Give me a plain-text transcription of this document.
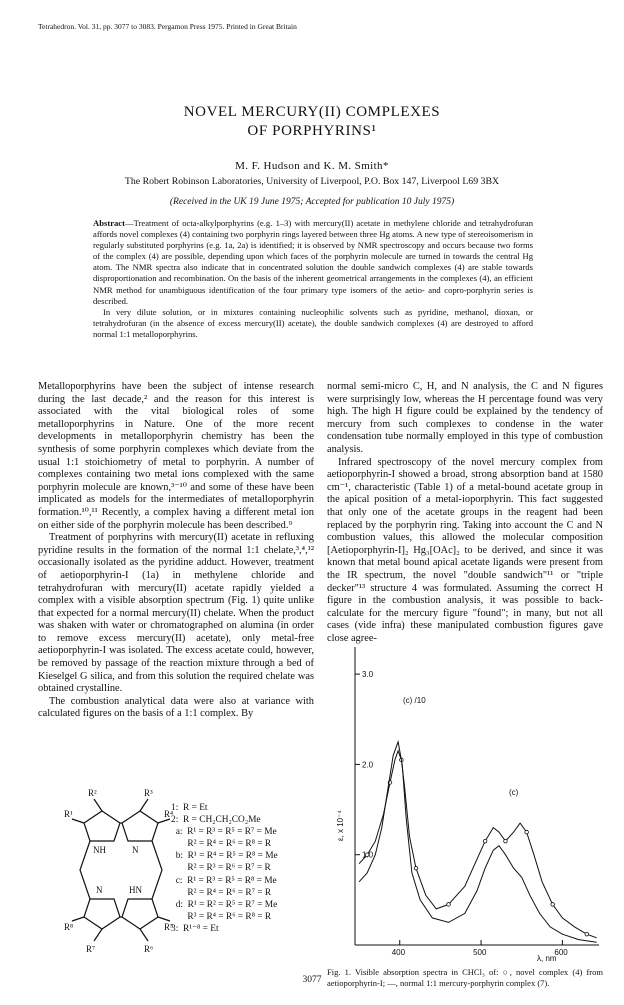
Tetrahedron. Vol. 31, pp. 3077 to 3083. Pergamon Press 1975. Printed in Great Britain
NOVEL MERCURY(II) COMPLEXES
OF PORPHYRINS¹
M. F. Hudson and K. M. Smith*
The Robert Robinson Laboratories, University of Liverpool, P.O. Box 147, Liverpool L69 3BX
(Received in the UK 19 June 1975; Accepted for publication 10 July 1975)

Abstract—Treatment of octa-alkylporphyrins (e.g. 1–3) with mercury(II) acetate in methylene chloride and tetrahydrofuran affords novel complexes (4) containing two porphyrin rings layered between three Hg atoms. A new type of stereoisomerism in regularly substituted porphyrins (e.g. 1a, 2a) is identified; it is observed by NMR spectroscopy and occurs because two forms of the complex (4) are possible, depending upon which faces of the porphyrin molecule are turned in towards the central Hg atom. The NMR spectra also indicate that in concentrated solution the double sandwich complexes (4) are stable towards disproportionation and recombination. On the basis of the inherent geometrical arrangements in the complexes (4), an efficient NMR method for unambiguous identification of the four primary type isomers of the aetio- and copro-porphyrin series is described.

In very dilute solution, or in mixtures containing nucleophilic solvents such as pyridine, methanol, dioxan, or tetrahydrofuran (in the absence of excess mercury(II) acetate), the double sandwich complexes (4) are destroyed to afford normal 1:1 metalloporphyrins.

Metalloporphyrins have been the subject of intense research during the last decade,² and the reason for this interest is associated with the vital biological roles of some metalloporphyrins in Nature. One of the more recent developments in metalloporphyrin chemistry has been the synthesis of some porphyrin complexes which deviate from the usual 1:1 stoichiometry of metal to porphyrin. A number of complexes containing two metal ions complexed with the same porphyrin molecule are known,³⁻¹⁰ and some of these have been implicated as models for the intermediates of metalloporphyrin formation.¹⁰,¹¹ Recently, a complex having a different metal ion on either side of the porphyrin molecule has been described.⁹

Treatment of porphyrins with mercury(II) acetate in refluxing pyridine results in the formation of the normal 1:1 chelate,³,⁴,¹² occasionally isolated as the pyridine adduct. However, treatment of aetioporphyrin-I (1a) in methylene chloride and tetrahydrofuran with mercury(II) acetate rapidly yielded a complex with a visible absorption spectrum (Fig. 1) quite unlike that expected for a normal mercury(II) chelate. When the product was shaken with water or chromatographed on alumina (in order to remove excess mercury(II) acetate), only metal-free aetioporphyrin-I was isolated. The excess acetate could, however, be removed by passage of the reaction mixture through a bed of Kieselgel G silica, and from this solution the required chelate was obtained crystalline.

The combustion analytical data were also at variance with calculated figures on the basis of a 1:1 complex. By

normal semi-micro C, H, and N analysis, the C and N figures were surprisingly low, whereas the H percentage found was very high. The high H figure could be explained by the tendency of mercury from such complexes to condense in the water condensation tube normally employed in this type of combustion analysis.

Infrared spectroscopy of the novel mercury complex from aetioporphyrin-I showed a broad, strong absorption band at 1580 cm⁻¹, characteristic (Table 1) of a metal-bound acetate group in the apical position of a metal-ioporphyrin. This fact suggested that only one of the acetate groups in the reagent had been replaced by the porphyrin ring. Taking into account the C and N combustion values, this allowed the molecular composition [Aetioporphyrin-I]₂ Hg₃[OAc]₂ to be derived, and since it was known that metal bound apical acetate ligands were present from the IR spectrum, the novel "double sandwich"¹¹ or "triple decker"¹³ structure 4 was formulated. Assuming the correct H figure in the combustion analysis, it was possible to back-calculate for the mercury figure "found"; in many, but not all cases (vide infra) these manipulated combustion figures gave close agree-

R²	R³
R¹	R⁴
NH	N
N	HN
R⁸	R⁵
R⁷	R⁶
1:  R = Et
2:  R = CH₂CH₂CO₂Me
a:  R¹ = R³ = R⁵ = R⁷ = Me
R² = R⁴ = R⁶ = R⁸ = R
b:  R¹ = R⁴ = R⁵ = R⁸ = Me
R² = R³ = R⁶ = R⁷ = R
c:  R¹ = R³ = R⁵ = R⁸ = Me
R² = R⁴ = R⁶ = R⁷ = R
d:  R¹ = R² = R⁵ = R⁷ = Me
R³ = R⁴ = R⁶ = R⁸ = R
3:  R¹⁻⁸ = Et
ε, x 10⁻⁴
λ, nm
(c) /10
(c)
1.0
2.0
3.0
400	500	600
Fig. 1. Visible absorption spectra in CHCl₃ of: ○, novel complex (4) from aetioporphyrin-I; —, normal 1:1 mercury-porphyrin complex (7).
3077
